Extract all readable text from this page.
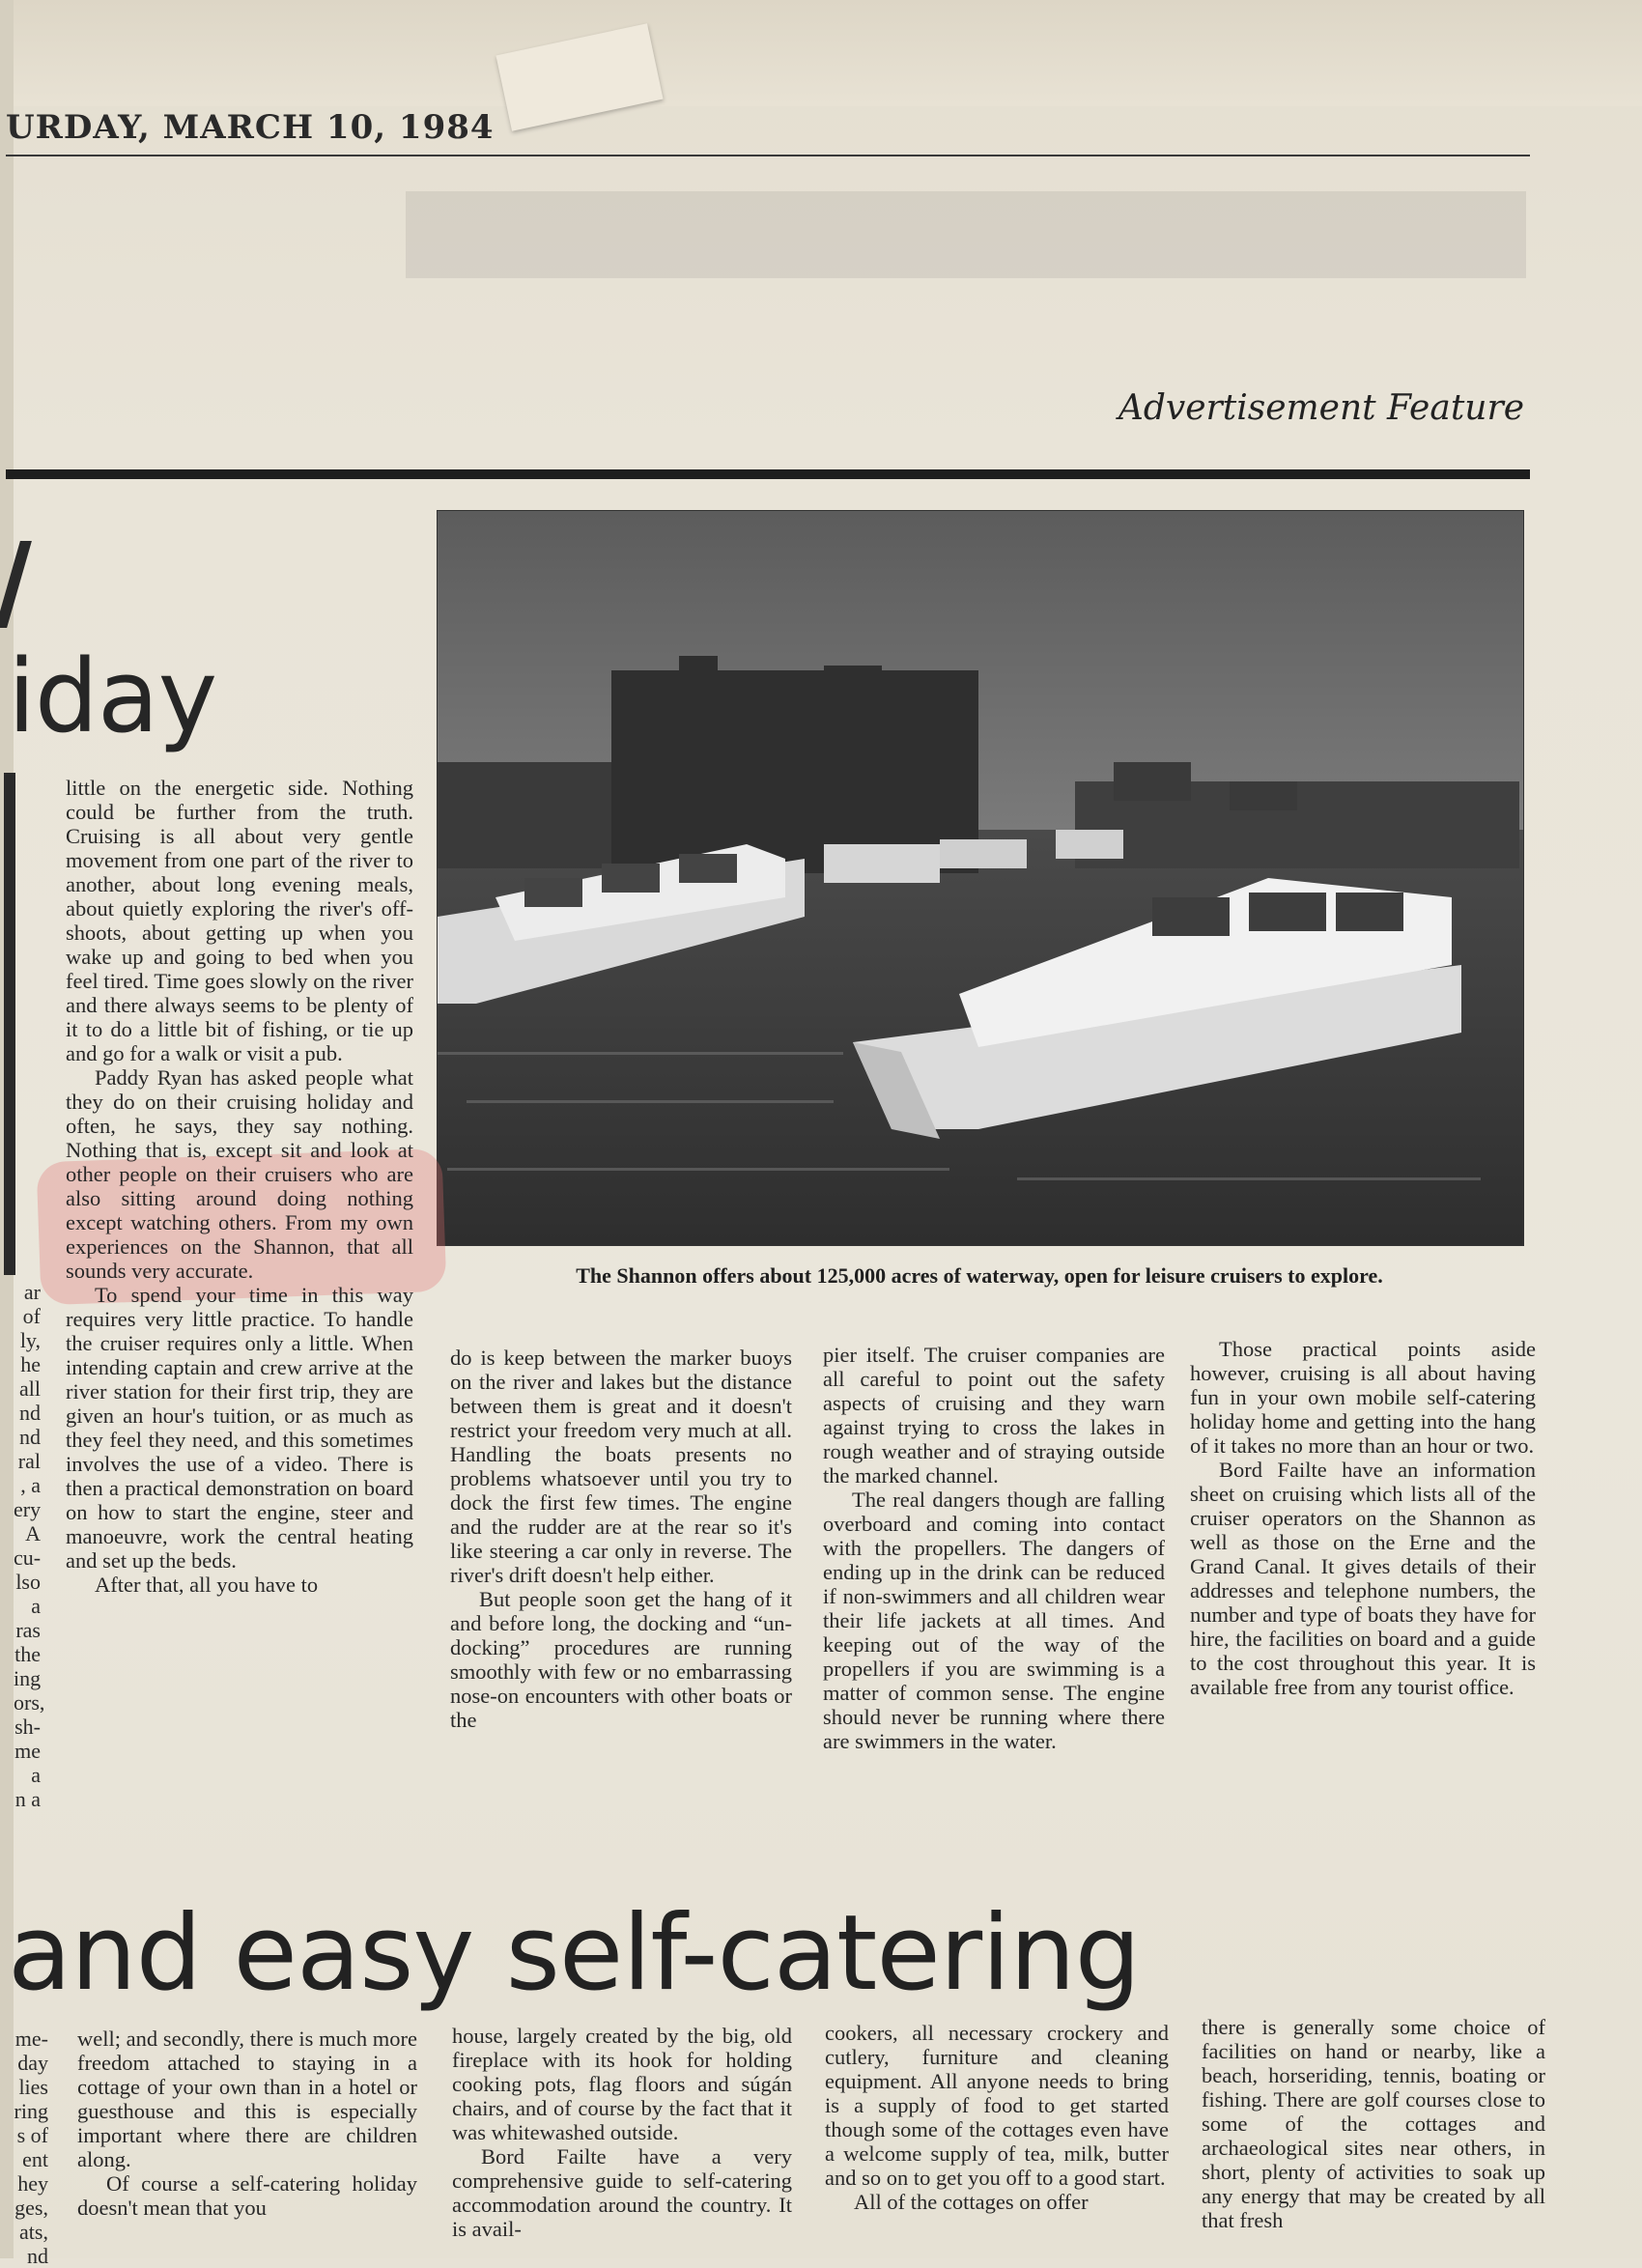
URDAY, MARCH 10, 1984
Advertisement Feature
iday
The Shannon offers about 125,000 acres of waterway, open for leisure cruisers to explore.
ar
of
ly,
he
all
nd
nd
ral
, a
ery
A
cu-
lso
a
ras
the
ing
ors,
sh-
me
a
n a

little on the energetic side. Nothing could be further from the truth. Cruising is all about very gentle movement from one part of the river to another, about long evening meals, about quietly exploring the river's off-shoots, about getting up when you wake up and going to bed when you feel tired. Time goes slowly on the river and there always seems to be plenty of it to do a little bit of fishing, or tie up and go for a walk or visit a pub.

Paddy Ryan has asked people what they do on their cruising holiday and often, he says, they say nothing. Nothing that is, except sit and look at other people on their cruisers who are also sitting around doing nothing except watching others. From my own experiences on the Shannon, that all sounds very accurate.

To spend your time in this way requires very little practice. To handle the cruiser requires only a little. When intending captain and crew arrive at the river station for their first trip, they are given an hour's tuition, or as much as they feel they need, and this sometimes involves the use of a video. There is then a practical demonstration on board on how to start the engine, steer and manoeuvre, work the central heating and set up the beds.

After that, all you have to

do is keep between the marker buoys on the river and lakes but the distance between them is great and it doesn't restrict your freedom very much at all. Handling the boats presents no problems whatsoever until you try to dock the first few times. The engine and the rudder are at the rear so it's like steering a car only in reverse. The river's drift doesn't help either.

But people soon get the hang of it and before long, the docking and “un-docking” procedures are running smoothly with few or no embarrassing nose-on encounters with other boats or the

pier itself. The cruiser companies are all careful to point out the safety aspects of cruising and they warn against trying to cross the lakes in rough weather and of straying outside the marked channel.

The real dangers though are falling overboard and coming into contact with the propellers. The dangers of ending up in the drink can be reduced if non-swimmers and all children wear their life jackets at all times. And keeping out of the way of the propellers if you are swimming is a matter of common sense. The engine should never be running where there are swimmers in the water.

Those practical points aside however, cruising is all about having fun in your own mobile self-catering holiday home and getting into the hang of it takes no more than an hour or two.

Bord Failte have an information sheet on cruising which lists all of the cruiser operators on the Shannon as well as those on the Erne and the Grand Canal. It gives details of their addresses and telephone numbers, the number and type of boats they have for hire, the facilities on board and a guide to the cost throughout this year. It is available free from any tourist office.

and easy self-catering
me-
day
lies
ring
s of
ent
hey
ges,
ats,
nd

well; and secondly, there is much more freedom attached to staying in a cottage of your own than in a hotel or guesthouse and this is especially important where there are children along.

Of course a self-catering holiday doesn't mean that you

house, largely created by the big, old fireplace with its hook for holding cooking pots, flag floors and súgán chairs, and of course by the fact that it was whitewashed outside.

Bord Failte have a very comprehensive guide to self-catering accommodation around the country. It is avail-

cookers, all necessary crockery and cutlery, furniture and cleaning equipment. All anyone needs to bring is a supply of food to get started though some of the cottages even have a welcome supply of tea, milk, butter and so on to get you off to a good start.

All of the cottages on offer

there is generally some choice of facilities on hand or nearby, like a beach, horseriding, tennis, boating or fishing. There are golf courses close to some of the cottages and archaeological sites near others, in short, plenty of activities to soak up any energy that may be created by all that fresh
